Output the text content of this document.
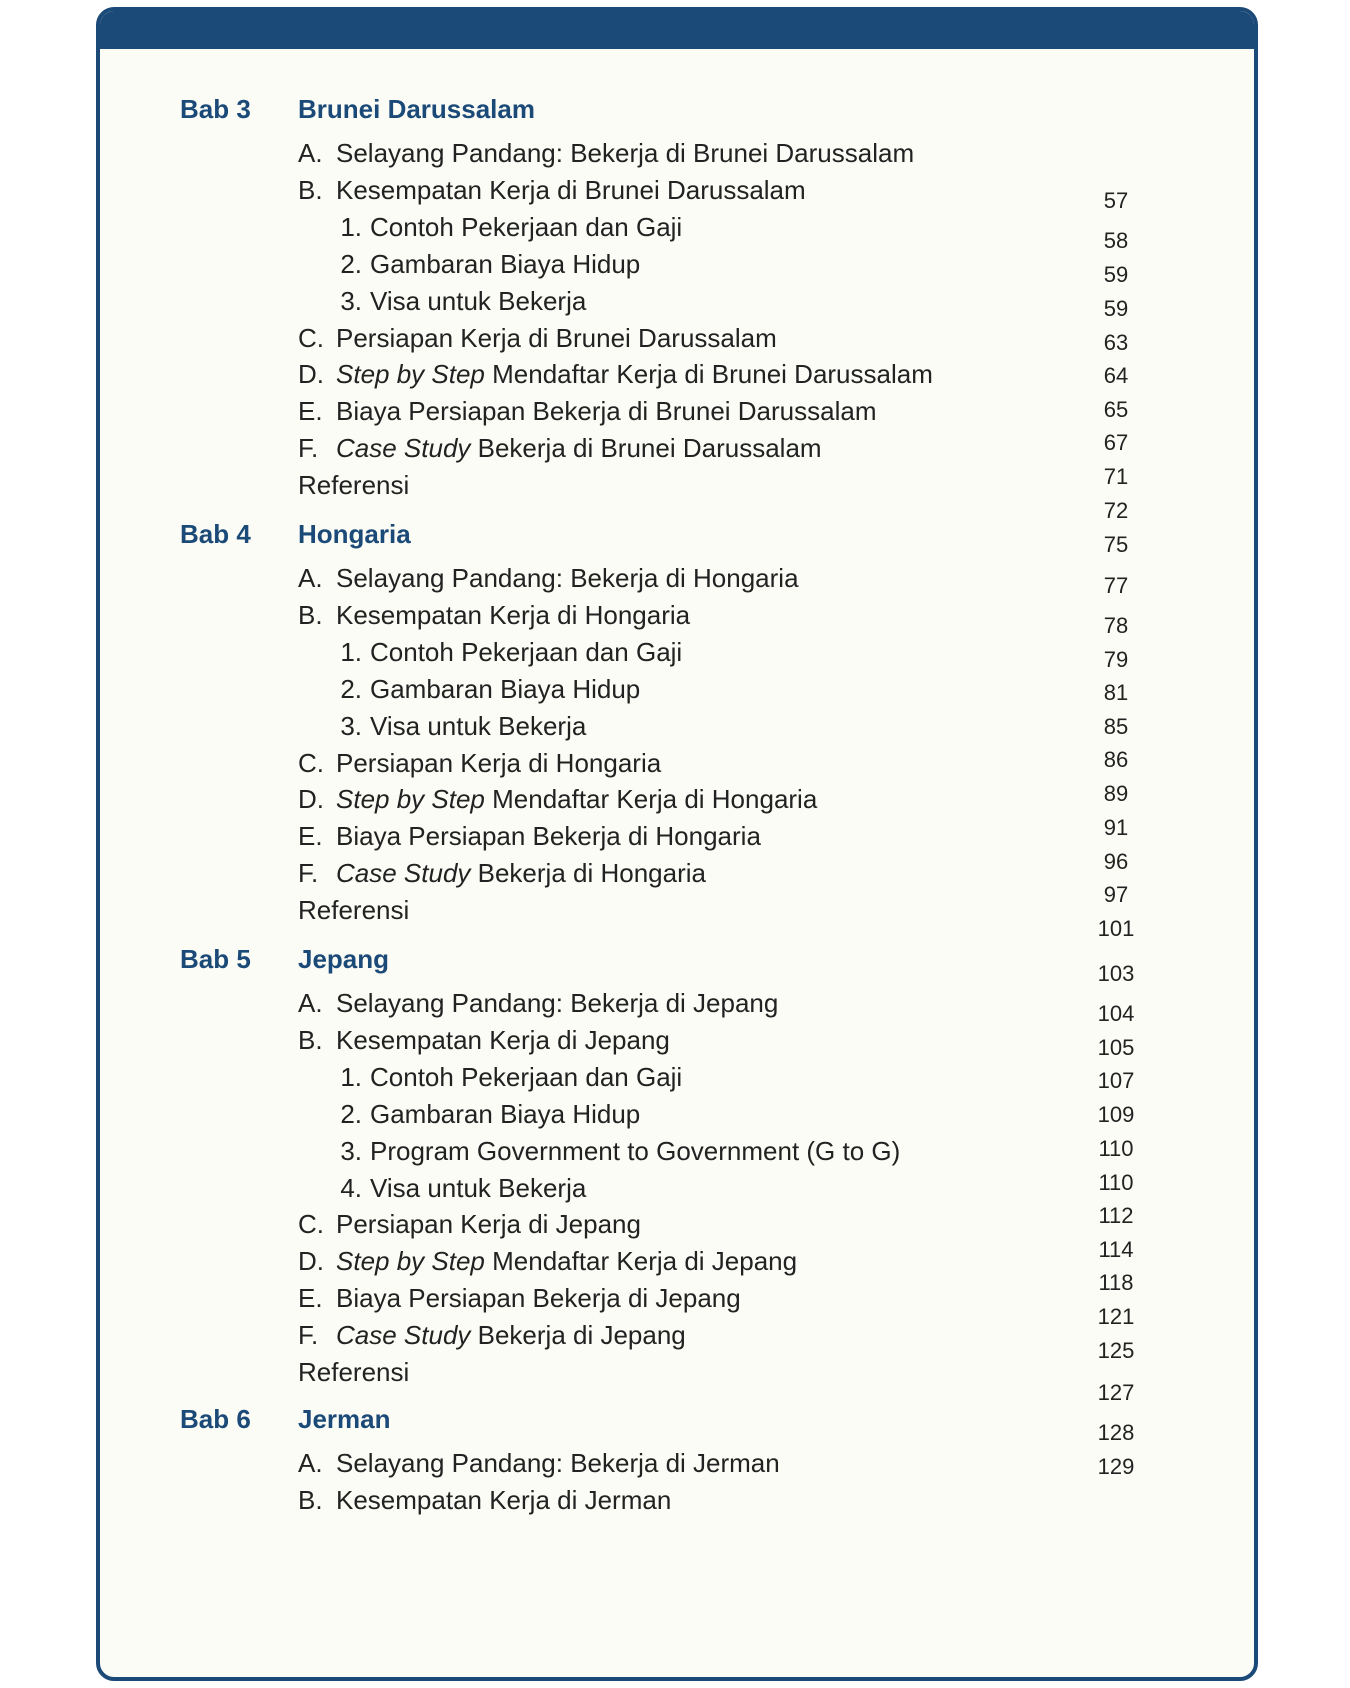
Bab 3 Brunei Darussalam
A. Selayang Pandang: Bekerja di Brunei Darussalam
B. Kesempatan Kerja di Brunei Darussalam
1. Contoh Pekerjaan dan Gaji
2. Gambaran Biaya Hidup
3. Visa untuk Bekerja
C. Persiapan Kerja di Brunei Darussalam
D. Step by Step Mendaftar Kerja di Brunei Darussalam
E. Biaya Persiapan Bekerja di Brunei Darussalam
F. Case Study Bekerja di Brunei Darussalam
Referensi
Bab 4 Hongaria
A. Selayang Pandang: Bekerja di Hongaria
B. Kesempatan Kerja di Hongaria
1. Contoh Pekerjaan dan Gaji
2. Gambaran Biaya Hidup
3. Visa untuk Bekerja
C. Persiapan Kerja di Hongaria
D. Step by Step Mendaftar Kerja di Hongaria
E. Biaya Persiapan Bekerja di Hongaria
F. Case Study Bekerja di Hongaria
Referensi
Bab 5 Jepang
A. Selayang Pandang: Bekerja di Jepang
B. Kesempatan Kerja di Jepang
1. Contoh Pekerjaan dan Gaji
2. Gambaran Biaya Hidup
3. Program Government to Government (G to G)
4. Visa untuk Bekerja
C. Persiapan Kerja di Jepang
D. Step by Step Mendaftar Kerja di Jepang
E. Biaya Persiapan Bekerja di Jepang
F. Case Study Bekerja di Jepang
Referensi
Bab 6 Jerman
A. Selayang Pandang: Bekerja di Jerman
B. Kesempatan Kerja di Jerman
57
58
59
59
63
64
65
67
71
72
75
77
78
79
81
85
86
89
91
96
97
101
103
104
105
107
109
110
110
112
114
118
121
125
127
128
129
